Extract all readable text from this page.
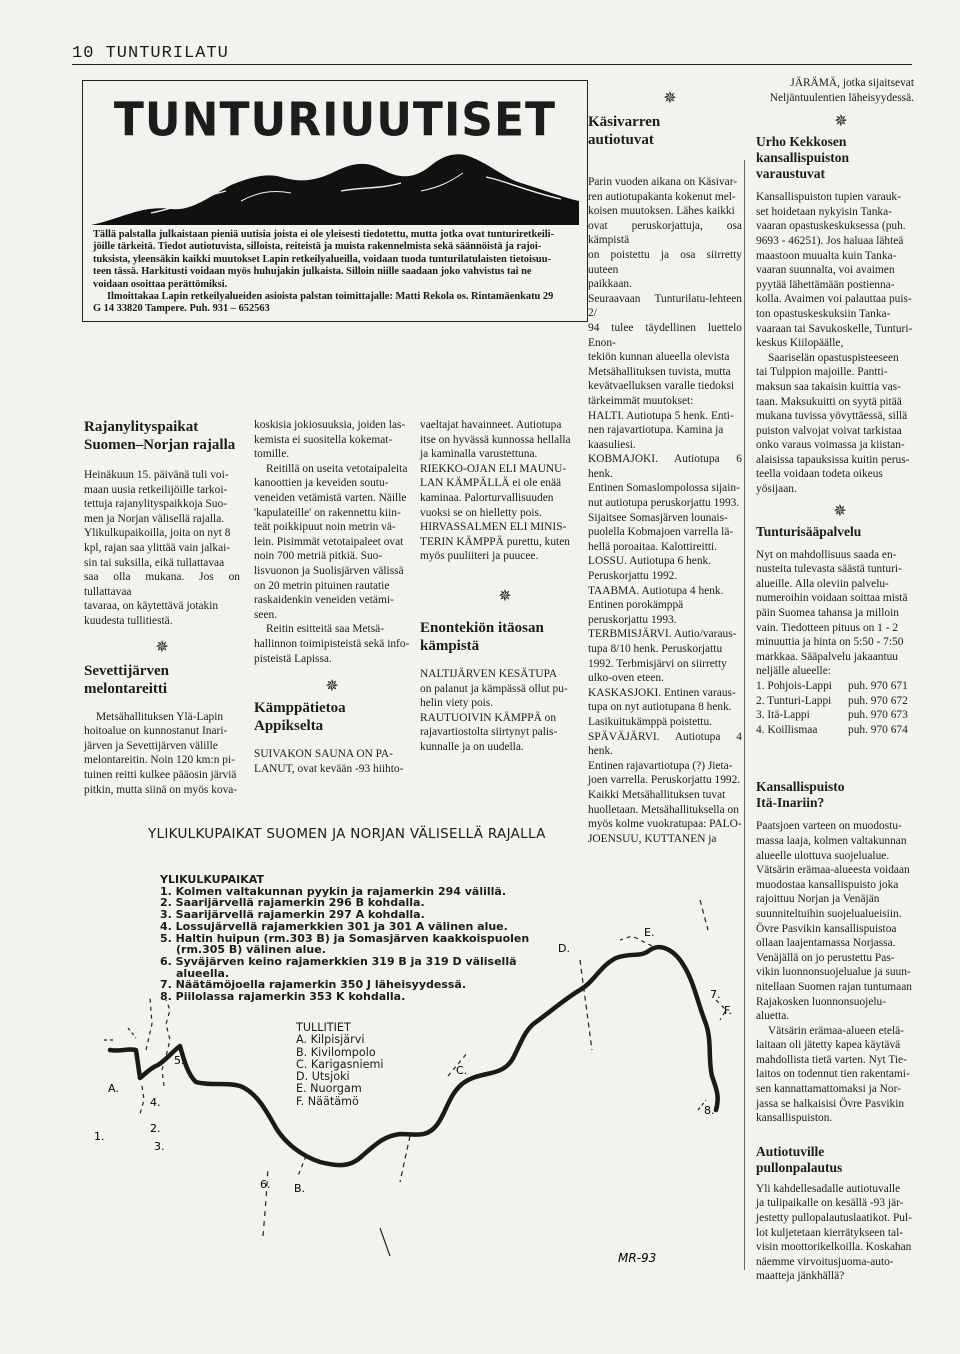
10 TUNTURILATU
TUNTURIUUTISET
Tällä palstalla julkaistaan pieniä uutisia joista ei ole yleisesti tiedotettu, mutta jotka ovat tunturiretkeili-
jöille tärkeitä. Tiedot autiotuvista, silloista, reiteistä ja muista rakennelmista sekä säännöistä ja rajoi-
tuksista, yleensäkin kaikki muutokset Lapin retkeilyalueilla, voidaan tuoda tunturilatulaisten tietoisuu-
teen tässä. Harkitusti voidaan myös huhujakin julkaista. Silloin niille saadaan joko vahvistus tai ne
voidaan osoittaa perättömiksi.
Ilmoittakaa Lapin retkeilyalueiden asioista palstan toimittajalle: Matti Rekola os. Rintamäenkatu 29
G 14 33820 Tampere. Puh. 931 – 652563
Rajanylityspaikat
Suomen–Norjan rajalla
Heinäkuun 15. päivänä tuli voi-
maan uusia retkeilijöille tarkoi-
tettuja rajanylityspaikkoja Suo-
men ja Norjan välisellä rajalla.
Ylikulkupaikoilla, joita on nyt 8
kpl, rajan saa ylittää vain jalkai-
sin tai suksilla, eikä tullattavaa
saa olla mukana. Jos on tullattavaa
tavaraa, on käytettävä jotakin
kuudesta tullitiestä.
✵
Sevettijärven
melontareitti
Metsähallituksen Ylä-Lapin
hoitoalue on kunnostanut Inari-
järven ja Sevettijärven välille
melontareitin. Noin 120 km:n pi-
tuinen reitti kulkee pääosin järviä
pitkin, mutta siinä on myös kova-
koskisia jokiosuuksia, joiden las-
kemista ei suositella kokemat-
tomille.
Reitillä on useita vetotaipaleita
kanoottien ja keveiden soutu-
veneiden vetämistä varten. Näille
'kapulateille' on rakennettu kiin-
teät poikkipuut noin metrin vä-
lein. Pisimmät vetotaipaleet ovat
noin 700 metriä pitkiä. Suo-
lisvuonon ja Suolisjärven välissä
on 20 metrin pituinen rautatie
raskaidenkin veneiden vetämi-
seen.
Reitin esitteitä saa Metsä-
hallinnon toimipisteistä sekä info-
pisteistä Lapissa.
✵
Kämppätietoa
Appikselta
SUIVAKON SAUNA ON PA-
LANUT, ovat kevään -93 hiihto-
vaeltajat havainneet. Autiotupa
itse on hyvässä kunnossa hellalla
ja kaminalla varustettuna.
RIEKKO-OJAN ELI MAUNU-
LAN KÄMPÄLLÄ ei ole enää
kaminaa. Palorturvallisuuden
vuoksi se on hielletty pois.
HIRVASSALMEN ELI MINIS-
TERIN KÄMPPÄ purettu, kuten
myös puuliiteri ja puucee.
✵
Enontekiön itäosan
kämpistä
NALTIJÄRVEN KESÄTUPA
on palanut ja kämpässä ollut pu-
helin viety pois.
RAUTUOIVIN KÄMPPÄ on
rajavartiostolta siirtynyt palis-
kunnalle ja on uudella.
✵
Käsivarren
autiotuvat
Parin vuoden aikana on Käsivar-
ren autiotupakanta kokenut mel-
koisen muutoksen. Lähes kaikki
ovat peruskorjattuja, osa kämpistä
on poistettu ja osa siirretty uuteen
paikkaan.
Seuraavaan Tunturilatu-lehteen 2/
94 tulee täydellinen luettelo Enon-
tekiön kunnan alueella olevista
Metsähallituksen tuvista, mutta
kevätvaelluksen varalle tiedoksi
tärkeimmät muutokset:
HALTI. Autiotupa 5 henk. Enti-
nen rajavartiotupa. Kamina ja
kaasuliesi.
KOBMAJOKI. Autiotupa 6 henk.
Entinen Somaslompolossa sijain-
nut autiotupa peruskorjattu 1993.
Sijaitsee Somasjärven lounais-
puolella Kobmajoen varrella lä-
hellä poroaitaa. Kalottireitti.
LOSSU. Autiotupa 6 henk.
Peruskorjattu 1992.
TAABMA. Autiotupa 4 henk.
Entinen porokämppä
peruskorjattu 1993.
TERBMISJÄRVI. Autio/varaus-
tupa 8/10 henk. Peruskorjattu
1992. Terbmisjärvi on siirretty
ulko-oven eteen.
KASKASJOKI. Entinen varaus-
tupa on nyt autiotupana 8 henk.
Lasikuitukämppä poistettu.
SPÄVÄJÄRVI. Autiotupa 4 henk.
Entinen rajavartiotupa (?) Jieta-
joen varrella. Peruskorjattu 1992.
Kaikki Metsähallituksen tuvat
huolletaan. Metsähallituksella on
myös kolme vuokratupaa: PALO-
JOENSUU, KUTTANEN ja
JÄRÄMÄ, jotka sijaitsevat
Neljäntuulentien läheisyydessä.
✵
Urho Kekkosen
kansallispuiston
varaustuvat
Kansallispuiston tupien varauk-
set hoidetaan nykyisin Tanka-
vaaran opastuskeskuksessa (puh.
9693 - 46251). Jos haluaa lähteä
maastoon muualta kuin Tanka-
vaaran suunnalta, voi avaimen
pyytää lähettämään postienna-
kolla. Avaimen voi palauttaa puis-
ton opastuskeskuksiin Tanka-
vaaraan tai Savukoskelle, Tunturi-
keskus Kiilopäälle,
Saariselän opastuspisteeseen
tai Tulppion majoille. Pantti-
maksun saa takaisin kuittia vas-
taan. Maksukuitti on syytä pitää
mukana tuvissa yövyttäessä, sillä
puiston valvojat voivat tarkistaa
onko varaus voimassa ja kiistan-
alaisissa tapauksissa kuitin perus-
teella voidaan todeta oikeus
yösijaan.
✵
Tunturisääpalvelu
Nyt on mahdollisuus saada en-
nusteita tulevasta säästä tunturi-
alueille. Alla oleviin palvelu-
numeroihin voidaan soittaa mistä
päin Suomea tahansa ja milloin
vain. Tiedotteen pituus on 1 - 2
minuuttia ja hinta on 5:50 - 7:50
markkaa. Sääpalvelu jakaantuu
neljälle alueelle:
1. Pohjois-Lappi	puh. 970 671
2. Tunturi-Lappi	puh. 970 672
3. Itä-Lappi	puh. 970 673
4. Koillismaa	puh. 970 674
Kansallispuisto
Itä-Inariin?
Paatsjoen varteen on muodostu-
massa laaja, kolmen valtakunnan
alueelle ulottuva suojelualue.
Vätsärin erämaa-alueesta voidaan
muodostaa kansallispuisto joka
rajoittuu Norjan ja Venäjän
suunniteltuihin suojelualueisiin.
Övre Pasvikin kansallispuistoa
ollaan laajentamassa Norjassa.
Venäjällä on jo perustettu Pas-
vikin luonnonsuojelualue ja suun-
nitellaan Suomen rajan tuntumaan
Rajakosken luonnonsuojelu-
aluetta.
Vätsärin erämaa-alueen etelä-
laitaan oli jätetty kapea käytävä
mahdollista tietä varten. Nyt Tie-
laitos on todennut tien rakentami-
sen kannattamattomaksi ja Nor-
jassa se halkaisisi Övre Pasvikin
kansallispuiston.
Autiotuville
pullonpalautus
Yli kahdellesadalle autiotuvalle
ja tulipaikalle on kesällä -93 jär-
jestetty pullopalautuslaatikot. Pul-
lot kuljetetaan kierrätykseen tal-
visin moottorikelkoilla. Koskahan
näemme virvoitusjuoma-auto-
maatteja jänkhällä?
YLIKULKUPAIKAT SUOMEN JA NORJAN VÄLISELLÄ RAJALLA
YLIKULKUPAIKAT
1. Kolmen valtakunnan pyykin ja rajamerkin 294 välillä.
2. Saarijärvellä rajamerkin 296 B kohdalla.
3. Saarijärvellä rajamerkin 297 A kohdalla.
4. Lossujärvellä rajamerkkien 301 ja 301 A välinen alue.
5. Haltin huipun (rm.303 B) ja Somasjärven kaakkoispuolen
(rm.305 B) välinen alue.
6. Syväjärven keino rajamerkkien 319 B ja 319 D välisellä
alueella.
7. Näätämöjoella rajamerkin 350 J läheisyydessä.
8. Piilolassa rajamerkin 353 K kohdalla.
TULLITIET
A. Kilpisjärvi
B. Kivilompolo
C. Karigasniemi
D. Utsjoki
E. Nuorgam
F. Näätämö
A.
B.
C.
D.
E.
F.
1.
2.
3.
4.
5.
6.
7.
8.
MR-93
